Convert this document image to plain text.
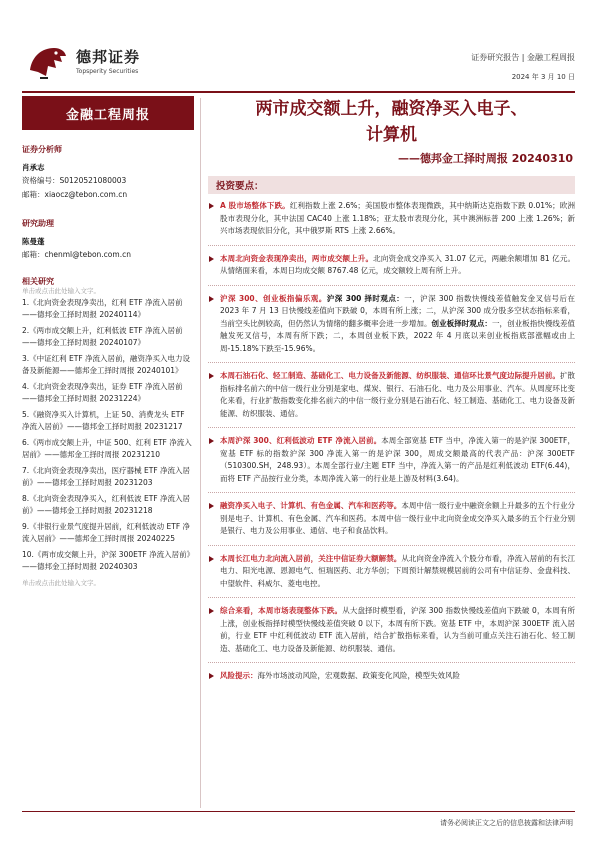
德邦证券
Topsperity Securities
证券研究报告 | 金融工程周报
2024 年 3 月 10 日
金融工程周报
证券分析师
肖承志
资格编号：S0120521080003
邮箱：xiaocz@tebon.com.cn
研究助理
陈曼蓬
邮箱：chenml@tebon.com.cn
相关研究
单击或点击此处输入文字。
1.《北向资金表现净卖出，红利 ETF 净流入居前——德邦金工择时周报 20240114》
2.《两市成交额上升，红利低波 ETF 净流入居前——德邦金工择时周报 20240107》
3.《中证红利 ETF 净流入居前，融资净买入电力设备及新能源——德邦金工择时周报 20240101》
4.《北向资金表现净卖出，证券 ETF 净流入居前——德邦金工择时周报 20231224》
5.《融资净买入计算机，上证 50、消费龙头 ETF 净流入居前》——德邦金工择时周报 20231217
6.《两市成交额上升，中证 500、红利 ETF 净流入居前》——德邦金工择时周报 20231210
7.《北向资金表现净卖出，医疗器械 ETF 净流入居前》——德邦金工择时周报 20231203
8.《北向资金表现净买入，红利低波 ETF 净流入居前》——德邦金工择时周报 20231218
9.《非银行业景气度提升居前，红利低波动 ETF 净流入居前》——德邦金工择时周报 20240225
10.《两市成交额上升，沪深 300ETF 净流入居前》——德邦金工择时周报 20240303
单击或点击此处输入文字。
两市成交额上升，融资净买入电子、
计算机
——德邦金工择时周报 20240310
投资要点：
A 股市场整体下跌。红利指数上涨 2.6%；美国股市整体表现微跌，其中纳斯达克指数下跌 0.01%；欧洲股市表现分化，其中法国 CAC40 上涨 1.18%；亚太股市表现分化，其中澳洲标普 200 上涨 1.26%；新兴市场表现依旧分化，其中俄罗斯 RTS 上涨 2.66%。
本周北向资金表现净卖出，两市成交额上升。北向资金成交净买入 31.07 亿元，两融余额增加 81 亿元。从情绪面来看，本周日均成交额 8767.48 亿元，成交额较上周有所上升。
沪深 300、创业板指偏乐观。沪深 300 择时观点：一，沪深 300 指数快慢线差值触发金叉信号后在 2023 年 7 月 13 日快慢线差值向下跌破 0，本周有所上涨；二，从沪深 300 成分股多空状态指标来看，当前空头比例较高，但仍然认为情绪的翻多概率会进一步增加。创业板择时观点：一，创业板指快慢线差值触发死叉信号，本周有所下跌；二，本周创业板下跌，2022 年 4 月底以来创业板指底部涨幅或由上周-15.18%下跌至-15.96%。
本周石油石化、轻工制造、基础化工、电力设备及新能源、纺织服装、通信环比景气度边际提升居前。扩散指标排名前六的中信一级行业分别是家电、煤炭、银行、石油石化、电力及公用事业、汽车。从周度环比变化来看，行业扩散指数变化排名前六的中信一级行业分别是石油石化、轻工制造、基础化工、电力设备及新能源、纺织服装、通信。
本周沪深 300、红利低波动 ETF 净流入居前。本周全部宽基 ETF 当中，净流入第一的是沪深 300ETF，宽基 ETF 标的指数沪深 300 净流入第一的是沪深 300，周成交额最高的代表产品：沪深 300ETF（510300.SH，248.93）。本周全部行业/主题 ETF 当中，净流入第一的产品是红利低波动 ETF(6.44)，而将 ETF 产品按行业分类，本周净流入第一的行业是上游及材料(3.64)。
融资净买入电子、计算机、有色金属、汽车和医药等。本周中信一级行业中融资余额上升最多的五个行业分别是电子、计算机、有色金属、汽车和医药。本周中信一级行业中北向资金成交净买入最多的五个行业分别是银行、电力及公用事业、通信、电子和食品饮料。
本周长江电力北向流入居前，关注中信证券大额解禁。从北向资金净流入个股分布看，净流入居前的有长江电力、阳光电源、恩源电气、恒瑞医药、北方华创；下周预计解禁规模居前的公司有中信证券、金盘科技、中望软件、科威尔、菱电电控。
综合来看，本周市场表现整体下跌。从大盘择时模型看，沪深 300 指数快慢线差值向下跌破 0，本周有所上涨，创业板指择时模型快慢线差值突破 0 以下，本周有所下跌。宽基 ETF 中，本周沪深 300ETF 流入居前，行业 ETF 中红利低波动 ETF 流入居前，结合扩散指标来看，认为当前可重点关注石油石化、轻工制造、基础化工、电力设备及新能源、纺织服装、通信。
风险提示：海外市场波动风险，宏观数据、政策变化风险，模型失效风险
请务必阅读正文之后的信息披露和法律声明
